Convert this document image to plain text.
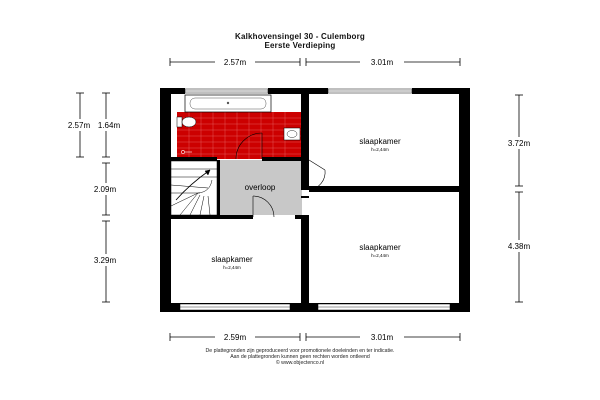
Kalkhovensingel 30 - Culemborg
Eerste Verdieping
2.57m	3.01m
2.59m	3.01m
2.57m 1.64m
2.09m
3.29m
3.72m
4.38m
overloop
slaapkamer
h=2,44m
slaapkamer
h=2,44m
slaapkamer
h=2,44m
De plattegronden zijn geproduceerd voor promotionele doeleinden en ter indicatie.
Aan de plattegronden kunnen geen rechten worden ontleend
© www.objectenco.nl
